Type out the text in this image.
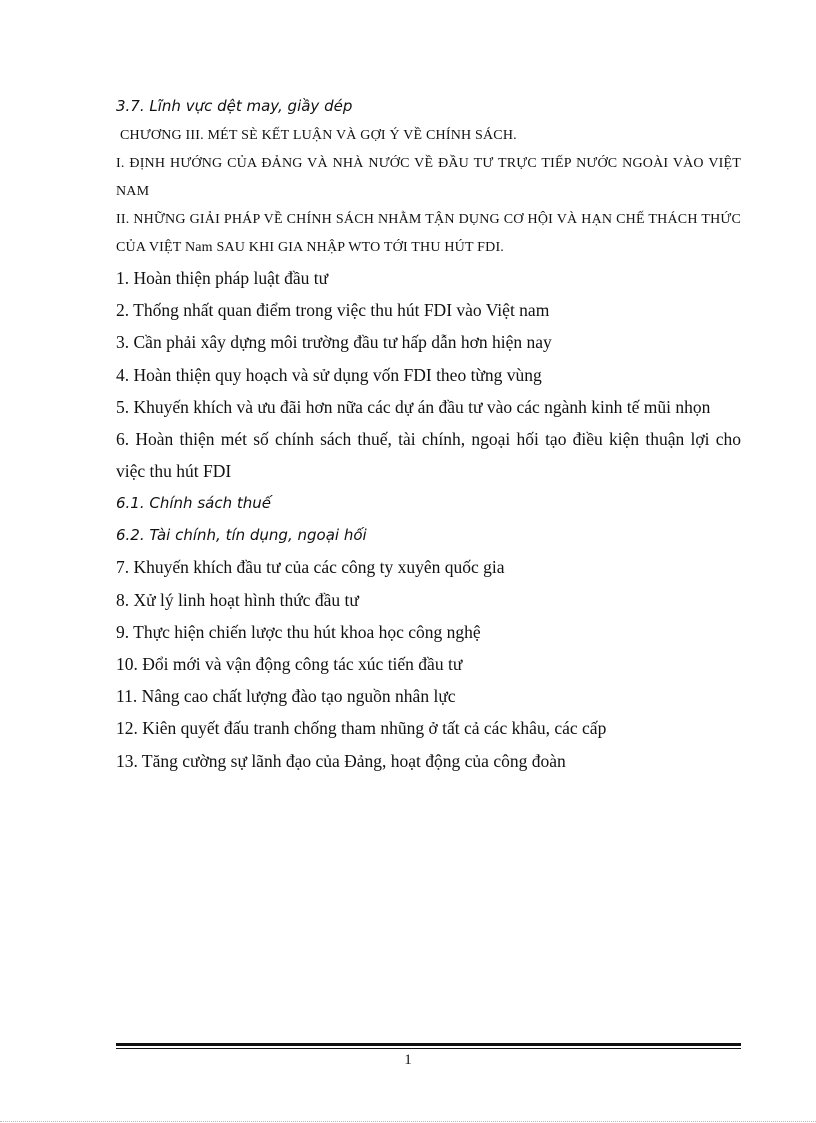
3.7. Lĩnh vực dệt may, giầy dép

CHƯƠNG III. MÉT SÈ KẾT LUẬN VÀ GỢI Ý VỀ CHÍNH SÁCH.

I. ĐỊNH HƯỚNG CỦA ĐẢNG VÀ NHÀ NƯỚC VỀ ĐẦU TƯ TRỰC TIẾP NƯỚC NGOÀI VÀO VIỆT NAM

II. NHỮNG GIẢI PHÁP VỀ CHÍNH SÁCH NHẰM TẬN DỤNG CƠ HỘI VÀ HẠN CHẾ THÁCH THỨC CỦA VIỆT Nam SAU KHI GIA NHẬP WTO TỚI THU HÚT FDI.

1. Hoàn thiện pháp luật đầu tư

2. Thống nhất quan điểm trong việc thu hút FDI vào Việt nam

3. Cần phải xây dựng môi trường đầu tư hấp dẫn hơn hiện nay

4. Hoàn thiện quy hoạch và sử dụng vốn FDI theo từng vùng

5. Khuyến khích và ưu đãi hơn nữa các dự án đầu tư vào các ngành kinh tế mũi nhọn

6. Hoàn thiện mét số chính sách thuế, tài chính, ngoại hối tạo điều kiện thuận lợi cho việc thu hút FDI

6.1. Chính sách thuế

6.2. Tài chính, tín dụng, ngoại hối

7. Khuyến khích đầu tư của các công ty xuyên quốc gia

8. Xử lý linh hoạt hình thức đầu tư

9. Thực hiện chiến lược thu hút khoa học công nghệ

10. Đổi mới và vận động công tác xúc tiến đầu tư

11. Nâng cao chất lượng đào tạo nguồn nhân lực

12. Kiên quyết đấu tranh chống tham nhũng ở tất cả các khâu, các cấp

13. Tăng cường sự lãnh đạo của Đảng, hoạt động của công đoàn

1
